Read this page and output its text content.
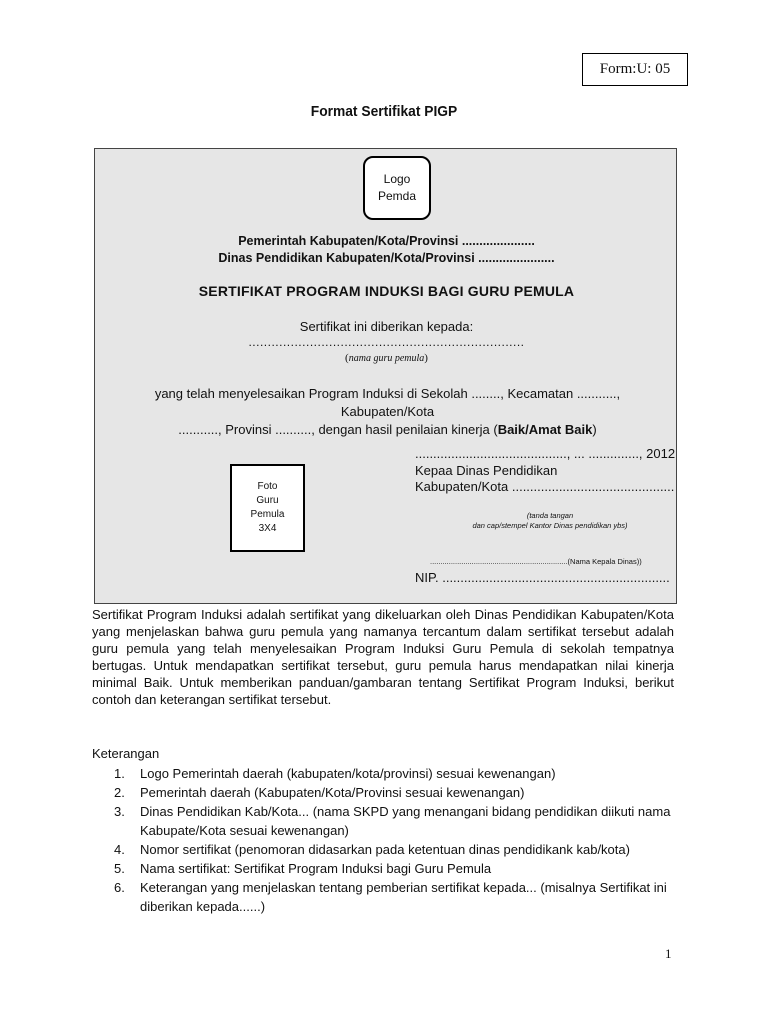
Form:U: 05
Format Sertifikat PIGP
Logo
Pemda
Pemerintah Kabupaten/Kota/Provinsi .....................
Dinas Pendidikan Kabupaten/Kota/Provinsi ......................
SERTIFIKAT PROGRAM INDUKSI BAGI GURU PEMULA
Sertifikat ini diberikan kepada:
........................................................................
(nama guru pemula)
yang telah menyelesaikan Program Induksi di Sekolah ........, Kecamatan ..........., Kabupaten/Kota
..........., Provinsi .........., dengan hasil penilaian kinerja (Baik/Amat Baik)
Foto
Guru
Pemula
3X4
.........................................., ... .............., 2012
Kepaa Dinas Pendidikan
Kabupaten/Kota .............................................
(tanda tangan
dan cap/stempel Kantor Dinas pendidikan ybs)
..................................................................(Nama Kepala Dinas))
NIP. ...............................................................
Sertifikat Program Induksi adalah sertifikat yang dikeluarkan oleh Dinas Pendidikan Kabupaten/Kota yang menjelaskan bahwa guru pemula yang namanya tercantum dalam sertifikat tersebut adalah guru pemula yang telah menyelesaikan Program Induksi Guru Pemula di sekolah tempatnya bertugas. Untuk mendapatkan sertifikat tersebut, guru pemula harus mendapatkan nilai kinerja minimal Baik. Untuk memberikan panduan/gambaran tentang Sertifikat Program Induksi, berikut contoh dan keterangan sertifikat tersebut.
Keterangan
1.	Logo Pemerintah daerah (kabupaten/kota/provinsi) sesuai kewenangan)
2.	Pemerintah daerah (Kabupaten/Kota/Provinsi sesuai kewenangan)
3.	Dinas Pendidikan Kab/Kota... (nama SKPD yang menangani bidang pendidikan diikuti nama Kabupate/Kota sesuai kewenangan)
4.	Nomor sertifikat (penomoran didasarkan pada ketentuan dinas pendidikank kab/kota)
5.	Nama sertifikat: Sertifikat Program Induksi bagi Guru Pemula
6.	Keterangan yang menjelaskan tentang pemberian sertifikat kepada... (misalnya Sertifikat ini diberikan kepada......)
1
